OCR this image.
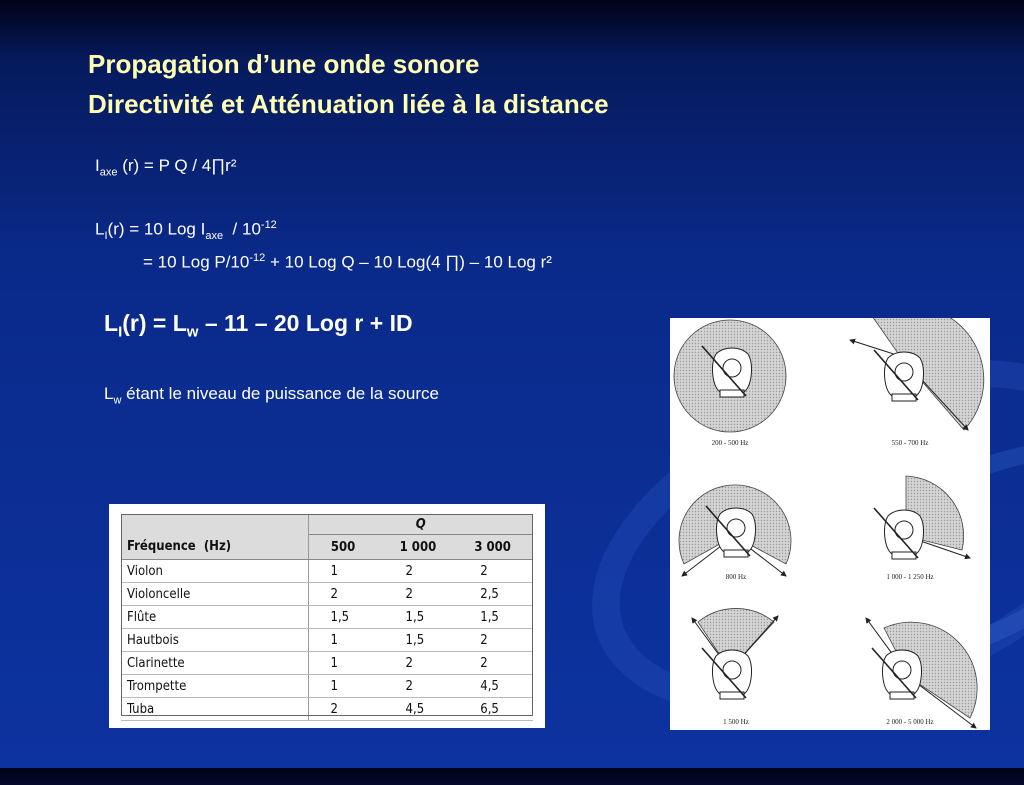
Propagation d’une onde sonore
Directivité et Atténuation liée à la distance
$I_{axe}$ (r) = P Q / 4∏r²
$L_I(r) = 10$ Log $I_{axe} / 10^{-12}$
= 10 Log $P/10^{-12} + 10$ Log Q – 10 Log(4 ∏) – 10 Log r²
$L_I(r) = L_w - 11 - 20$ Log r + ID
$L_w$ étant le niveau de puissance de la source
	Q		
Fréquence  (Hz)	500	1 000	3 000
Violon	1	2	2
Violoncelle	2	2	2,5
Flûte	1,5	1,5	1,5
Hautbois	1	1,5	2
Clarinette	1	2	2
Trompette	1	2	4,5
Tuba	2	4,5	6,5
200 - 500 Hz	550 - 700 Hz
800 Hz	1 000 - 1 250 Hz
1 500 Hz	2 000 - 5 000 Hz
